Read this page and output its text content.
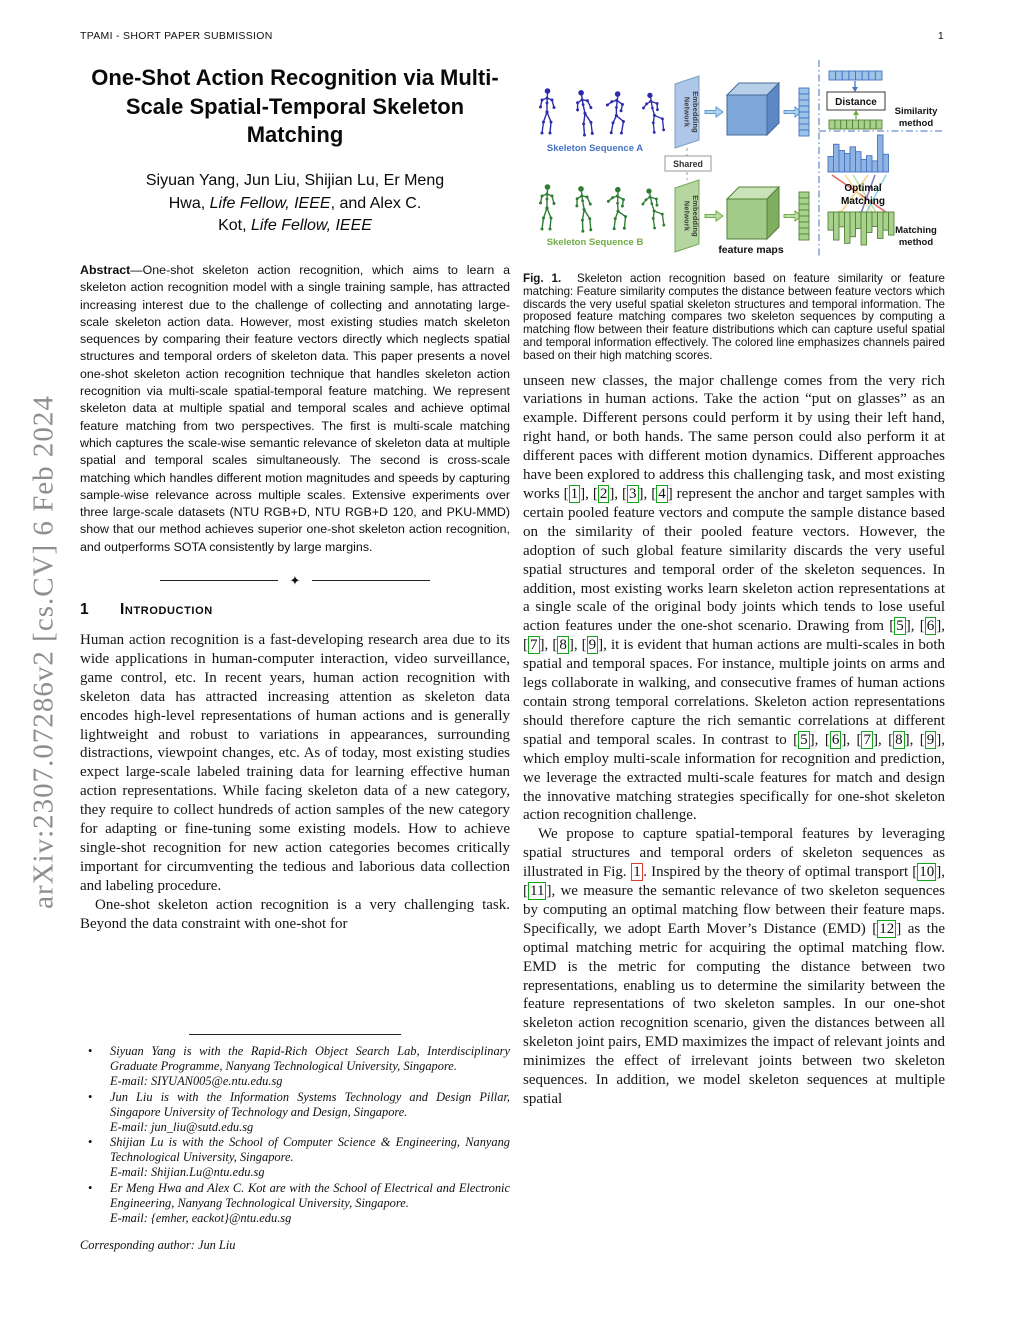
arXiv:2307.07286v2 [cs.CV] 6 Feb 2024
TPAMI - SHORT PAPER SUBMISSION	1
One-Shot Action Recognition via Multi-Scale Spatial-Temporal Skeleton Matching
Siyuan Yang, Jun Liu, Shijian Lu, Er Meng
Hwa, Life Fellow, IEEE, and Alex C.
Kot, Life Fellow, IEEE

Abstract—One-shot skeleton action recognition, which aims to learn a skeleton action recognition model with a single training sample, has attracted increasing interest due to the challenge of collecting and annotating large-scale skeleton action data. However, most existing studies match skeleton sequences by comparing their feature vectors directly which neglects spatial structures and temporal orders of skeleton data. This paper presents a novel one-shot skeleton action recognition technique that handles skeleton action recognition via multi-scale spatial-temporal feature matching. We represent skeleton data at multiple spatial and temporal scales and achieve optimal feature matching from two perspectives. The first is multi-scale matching which captures the scale-wise semantic relevance of skeleton data at multiple spatial and temporal scales simultaneously. The second is cross-scale matching which handles different motion magnitudes and speeds by capturing sample-wise relevance across multiple scales. Extensive experiments over three large-scale datasets (NTU RGB+D, NTU RGB+D 120, and PKU-MMD) show that our method achieves superior one-shot skeleton action recognition, and outperforms SOTA consistently by large margins.

✦
1 Introduction

Human action recognition is a fast-developing research area due to its wide applications in human-computer interaction, video surveillance, game control, etc. In recent years, human action recognition with skeleton data has attracted increasing attention as skeleton data encodes high-level representations of human actions and is generally lightweight and robust to variations in appearances, surrounding distractions, viewpoint changes, etc. As of today, most existing studies expect large-scale labeled training data for learning effective human action representations. While facing skeleton data of a new category, they require to collect hundreds of action samples of the new category for adapting or fine-tuning some existing models. How to achieve single-shot recognition for new action categories becomes critically important for circumventing the tedious and laborious data collection and labeling procedure.

One-shot skeleton action recognition is a very challenging task. Beyond the data constraint with one-shot for

•	Siyuan Yang is with the Rapid-Rich Object Search Lab, Interdisciplinary Graduate Programme, Nanyang Technological University, Singapore.
E-mail: SIYUAN005@e.ntu.edu.sg
•	Jun Liu is with the Information Systems Technology and Design Pillar, Singapore University of Technology and Design, Singapore.
E-mail: jun_liu@sutd.edu.sg
•	Shijian Lu is with the School of Computer Science & Engineering, Nanyang Technological University, Singapore.
E-mail: Shijian.Lu@ntu.edu.sg
•	Er Meng Hwa and Alex C. Kot are with the School of Electrical and Electronic Engineering, Nanyang Technological University, Singapore.
E-mail: {emher, eackot}@ntu.edu.sg
Corresponding author: Jun Liu
Skeleton Sequence A
Skeleton Sequence B
EmbeddingNetwork
EmbeddingNetwork
Shared
feature maps
Distance
Similarity method
Optimal Matching
Matching method

Fig. 1. Skeleton action recognition based on feature similarity or feature matching: Feature similarity computes the distance between feature vectors which discards the very useful spatial skeleton structures and temporal information. The proposed feature matching compares two skeleton sequences by computing a matching flow between their feature distributions which can capture useful spatial and temporal information effectively. The colored line emphasizes channels paired based on their high matching scores.

unseen new classes, the major challenge comes from the very rich variations in human actions. Take the action “put on glasses” as an example. Different persons could perform it by using their left hand, right hand, or both hands. The same person could also perform it at different paces with different motion dynamics. Different approaches have been explored to address this challenging task, and most existing works [ 1 ], [ 2 ], [ 3 ], [ 4 ] represent the anchor and target samples with certain pooled feature vectors and compute the sample distance based on the similarity of their pooled feature vectors. However, the adoption of such global feature similarity discards the very useful spatial structures and temporal order of the skeleton sequences. In addition, most existing works learn skeleton action representations at a single scale of the original body joints which tends to lose useful action features under the one-shot scenario. Drawing from [ 5 ], [ 6 ], [ 7 ], [ 8 ], [ 9 ], it is evident that human actions are multi-scales in both spatial and temporal spaces. For instance, multiple joints on arms and legs collaborate in walking, and consecutive frames of human actions contain strong temporal correlations. Skeleton action representations should therefore capture the rich semantic correlations at different spatial and temporal scales. In contrast to [ 5 ], [ 6 ], [ 7 ], [ 8 ], [ 9 ], which employ multi-scale information for recognition and prediction, we leverage the extracted multi-scale features for match and design the innovative matching strategies specifically for one-shot skeleton action recognition challenge.

We propose to capture spatial-temporal features by leveraging spatial structures and temporal orders of skeleton sequences as illustrated in Fig. 1 . Inspired by the theory of optimal transport [ 10 ], [ 11 ], we measure the semantic relevance of two skeleton sequences by computing an optimal matching flow between their feature maps. Specifically, we adopt Earth Mover’s Distance (EMD) [ 12 ] as the optimal matching metric for acquiring the optimal matching flow. EMD is the metric for computing the distance between two representations, enabling us to determine the similarity between the feature representations of two skeleton samples. In our one-shot skeleton action recognition scenario, given the distances between all skeleton joint pairs, EMD maximizes the impact of relevant joints and minimizes the effect of irrelevant joints between two skeleton sequences. In addition, we model skeleton sequences at multiple spatial
